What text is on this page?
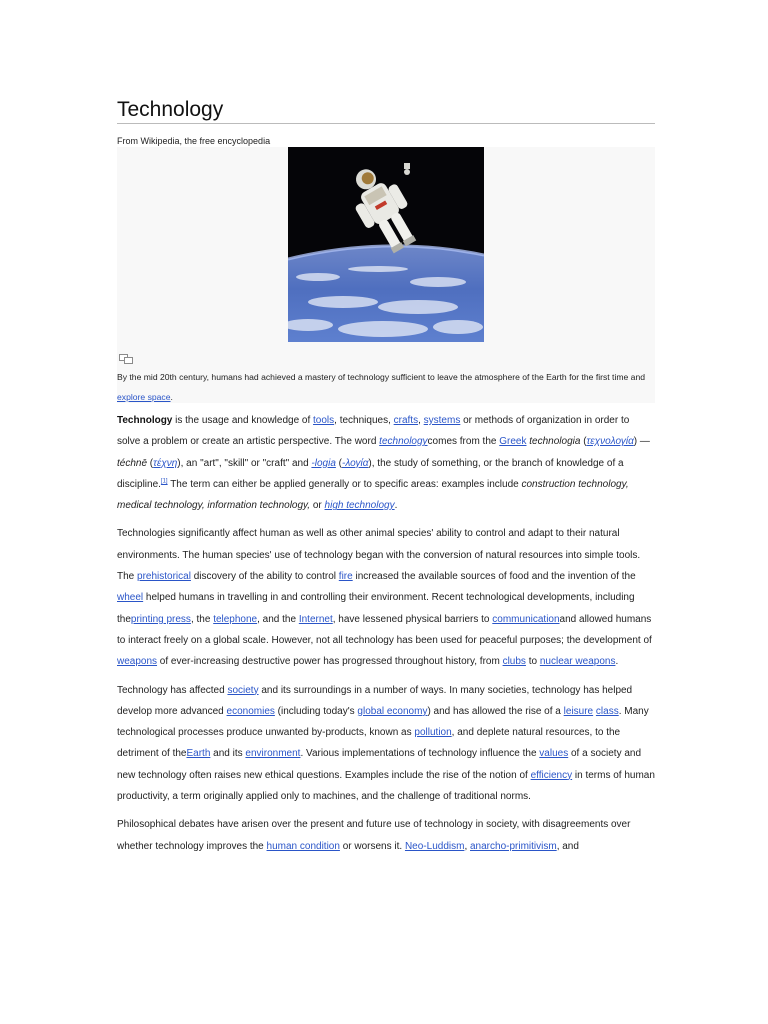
Technology
From Wikipedia, the free encyclopedia
By the mid 20th century, humans had achieved a mastery of technology sufficient to leave the atmosphere of the Earth for the first time and explore space.

Technology is the usage and knowledge of tools, techniques, crafts, systems or methods of organization in order to solve a problem or create an artistic perspective. The word technologycomes from the Greek technologia (τεχνολογία) — téchnē (τέχνη), an "art", "skill" or "craft" and -logia (-λογία), the study of something, or the branch of knowledge of a discipline.[1] The term can either be applied generally or to specific areas: examples include construction technology, medical technology, information technology, or high technology.

Technologies significantly affect human as well as other animal species' ability to control and adapt to their natural environments. The human species' use of technology began with the conversion of natural resources into simple tools. The prehistorical discovery of the ability to control fire increased the available sources of food and the invention of the wheel helped humans in travelling in and controlling their environment. Recent technological developments, including theprinting press, the telephone, and the Internet, have lessened physical barriers to communicationand allowed humans to interact freely on a global scale. However, not all technology has been used for peaceful purposes; the development of weapons of ever-increasing destructive power has progressed throughout history, from clubs to nuclear weapons.

Technology has affected society and its surroundings in a number of ways. In many societies, technology has helped develop more advanced economies (including today's global economy) and has allowed the rise of a leisure class. Many technological processes produce unwanted by-products, known as pollution, and deplete natural resources, to the detriment of theEarth and its environment. Various implementations of technology influence the values of a society and new technology often raises new ethical questions. Examples include the rise of the notion of efficiency in terms of human productivity, a term originally applied only to machines, and the challenge of traditional norms.

Philosophical debates have arisen over the present and future use of technology in society, with disagreements over whether technology improves the human condition or worsens it. Neo-Luddism, anarcho-primitivism, and
